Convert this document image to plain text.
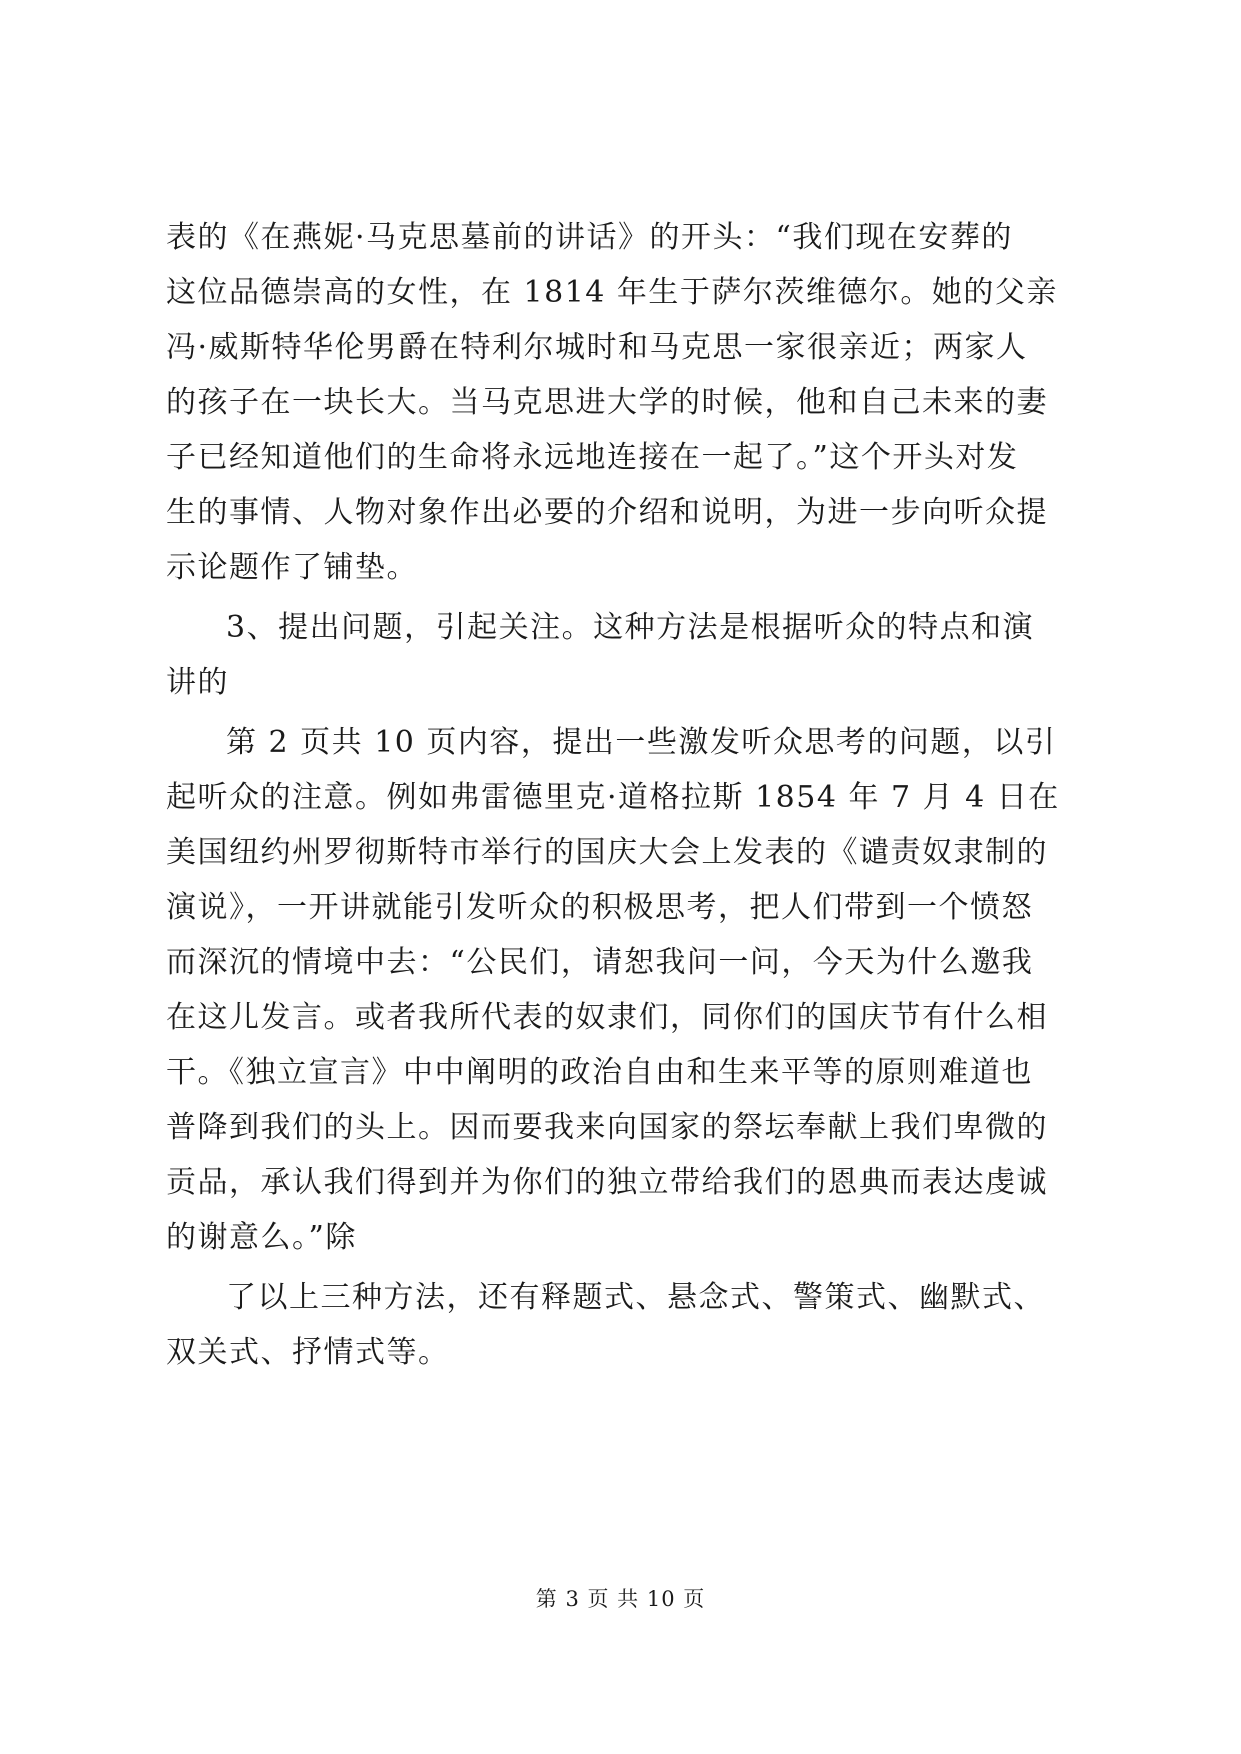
表的《在燕妮·马克思墓前的讲话》的开头：“我们现在安葬的
这位品德崇高的女性，在 1814 年生于萨尔茨维德尔。她的父亲
冯·威斯特华伦男爵在特利尔城时和马克思一家很亲近；两家人
的孩子在一块长大。当马克思进大学的时候，他和自己未来的妻
子已经知道他们的生命将永远地连接在一起了。”这个开头对发
生的事情、人物对象作出必要的介绍和说明，为进一步向听众提
示论题作了铺垫。
3、提出问题，引起关注。这种方法是根据听众的特点和演
讲的
第 2 页共 10 页内容，提出一些激发听众思考的问题，以引
起听众的注意。例如弗雷德里克·道格拉斯 1854 年 7 月 4 日在
美国纽约州罗彻斯特市举行的国庆大会上发表的《谴责奴隶制的
演说》，一开讲就能引发听众的积极思考，把人们带到一个愤怒
而深沉的情境中去：“公民们，请恕我问一问，今天为什么邀我
在这儿发言。或者我所代表的奴隶们，同你们的国庆节有什么相
干。《独立宣言》中中阐明的政治自由和生来平等的原则难道也
普降到我们的头上。因而要我来向国家的祭坛奉献上我们卑微的
贡品，承认我们得到并为你们的独立带给我们的恩典而表达虔诚
的谢意么。”除
了以上三种方法，还有释题式、悬念式、警策式、幽默式、
双关式、抒情式等。
第 3 页 共 10 页
